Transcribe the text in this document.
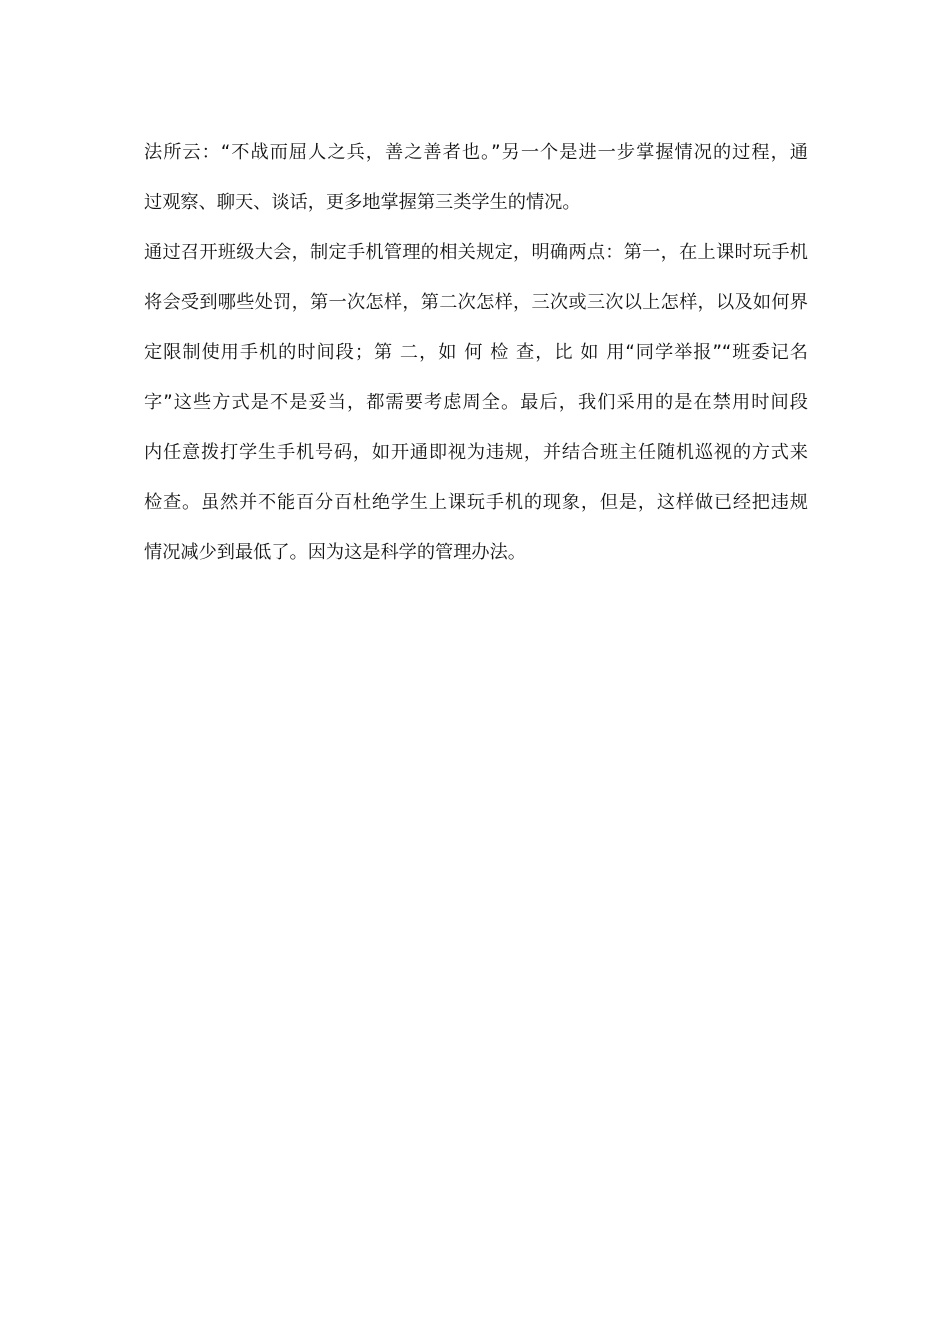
法所云：“不战而屈人之兵，善之善者也。”另一个是进一步掌握情况的过程，通
过观察、聊天、谈话，更多地掌握第三类学生的情况。
通过召开班级大会，制定手机管理的相关规定，明确两点：第一，在上课时玩手机
将会受到哪些处罚，第一次怎样，第二次怎样，三次或三次以上怎样，以及如何界
定限制使用手机的时间段；第 二，如 何 检 查，比 如 用“同学举报”“班委记名
字”这些方式是不是妥当，都需要考虑周全。最后，我们采用的是在禁用时间段
内任意拨打学生手机号码，如开通即视为违规，并结合班主任随机巡视的方式来
检查。虽然并不能百分百杜绝学生上课玩手机的现象，但是，这样做已经把违规
情况减少到最低了。因为这是科学的管理办法。
